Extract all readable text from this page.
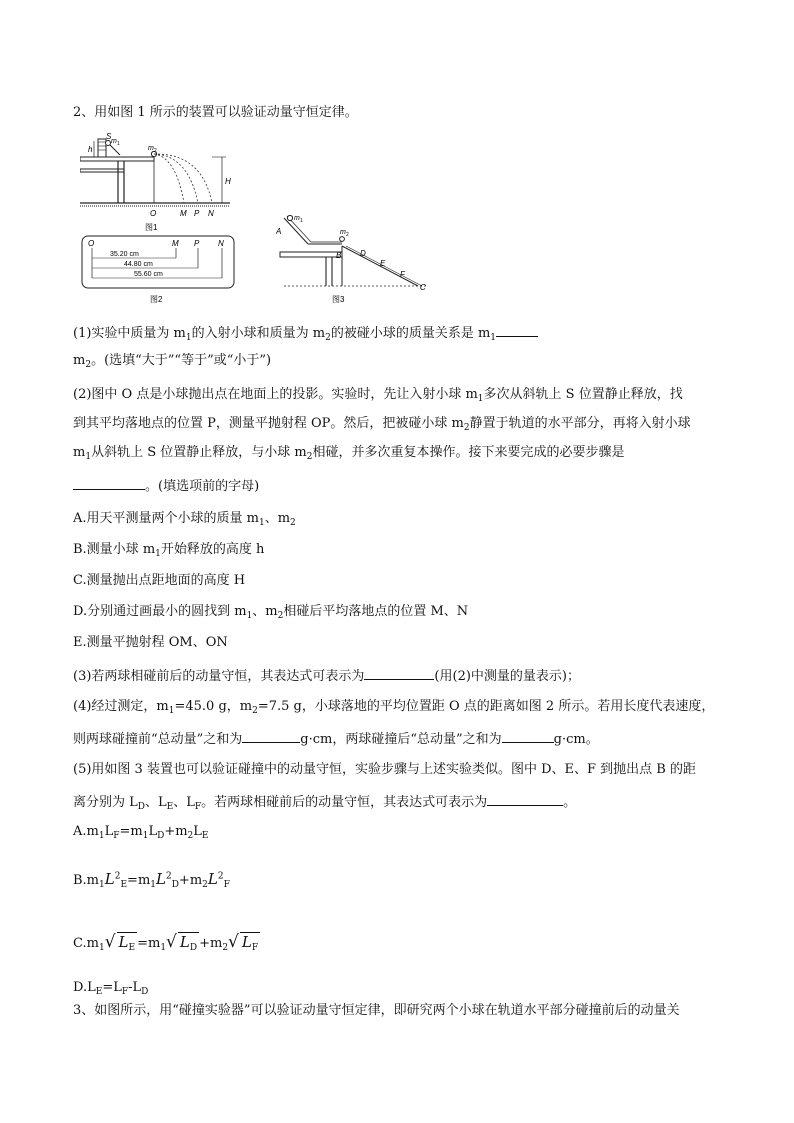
2、用如图 1 所示的装置可以验证动量守恒定律。
S
m 1
m 2
h
H
O	M P N
图1
O	M P N
35.20 cm
44.80 cm
55.60 cm
图2
m 1
m 2
A
B D
E
F
C
图3
(1)实验中质量为 $m_1$的入射小球和质量为 $m_2$的被碰小球的质量关系是 $m_1$
$m_2$。(选填“大于”“等于”或“小于”)
(2)图中 O 点是小球抛出点在地面上的投影。实验时，先让入射小球 $m_1$多次从斜轨上 S 位置静止释放，找
到其平均落地点的位置 P，测量平抛射程 OP。然后，把被碰小球 $m_2$静置于轨道的水平部分，再将入射小球
$m_1$从斜轨上 S 位置静止释放，与小球 $m_2$相碰，并多次重复本操作。接下来要完成的必要步骤是
。(填选项前的字母)
A.用天平测量两个小球的质量 $m_1$、$m_2$
B.测量小球 $m_1$开始释放的高度 h
C.测量抛出点距地面的高度 H
D.分别通过画最小的圆找到 $m_1$、$m_2$相碰后平均落地点的位置 M、N
E.测量平抛射程 OM、ON
(3)若两球相碰前后的动量守恒，其表达式可表示为	(用(2)中测量的量表示)；
(4)经过测定，$m_1=45.0$ g，$m_2=7.5$ g，小球落地的平均位置距 O 点的距离如图 2 所示。若用长度代表速度，
则两球碰撞前“总动量”之和为	g·cm，两球碰撞后“总动量”之和为	g·cm。
(5)用如图 3 装置也可以验证碰撞中的动量守恒，实验步骤与上述实验类似。图中 D、E、F 到抛出点 B 的距
离分别为 $L_D$、$L_E$、$L_F$。若两球相碰前后的动量守恒，其表达式可表示为	。
$A.m_1L_F=m_1L_D+m_2L_E$
$B.m_1L^2_E=m_1L^2_D+m_2L^2_F$
$C.m_1√$ $L_E =m_1√$ $L_D +m_2√$ $L_F$
$D.L_E=L_F-L_D$
3、如图所示，用“碰撞实验器”可以验证动量守恒定律，即研究两个小球在轨道水平部分碰撞前后的动量关
